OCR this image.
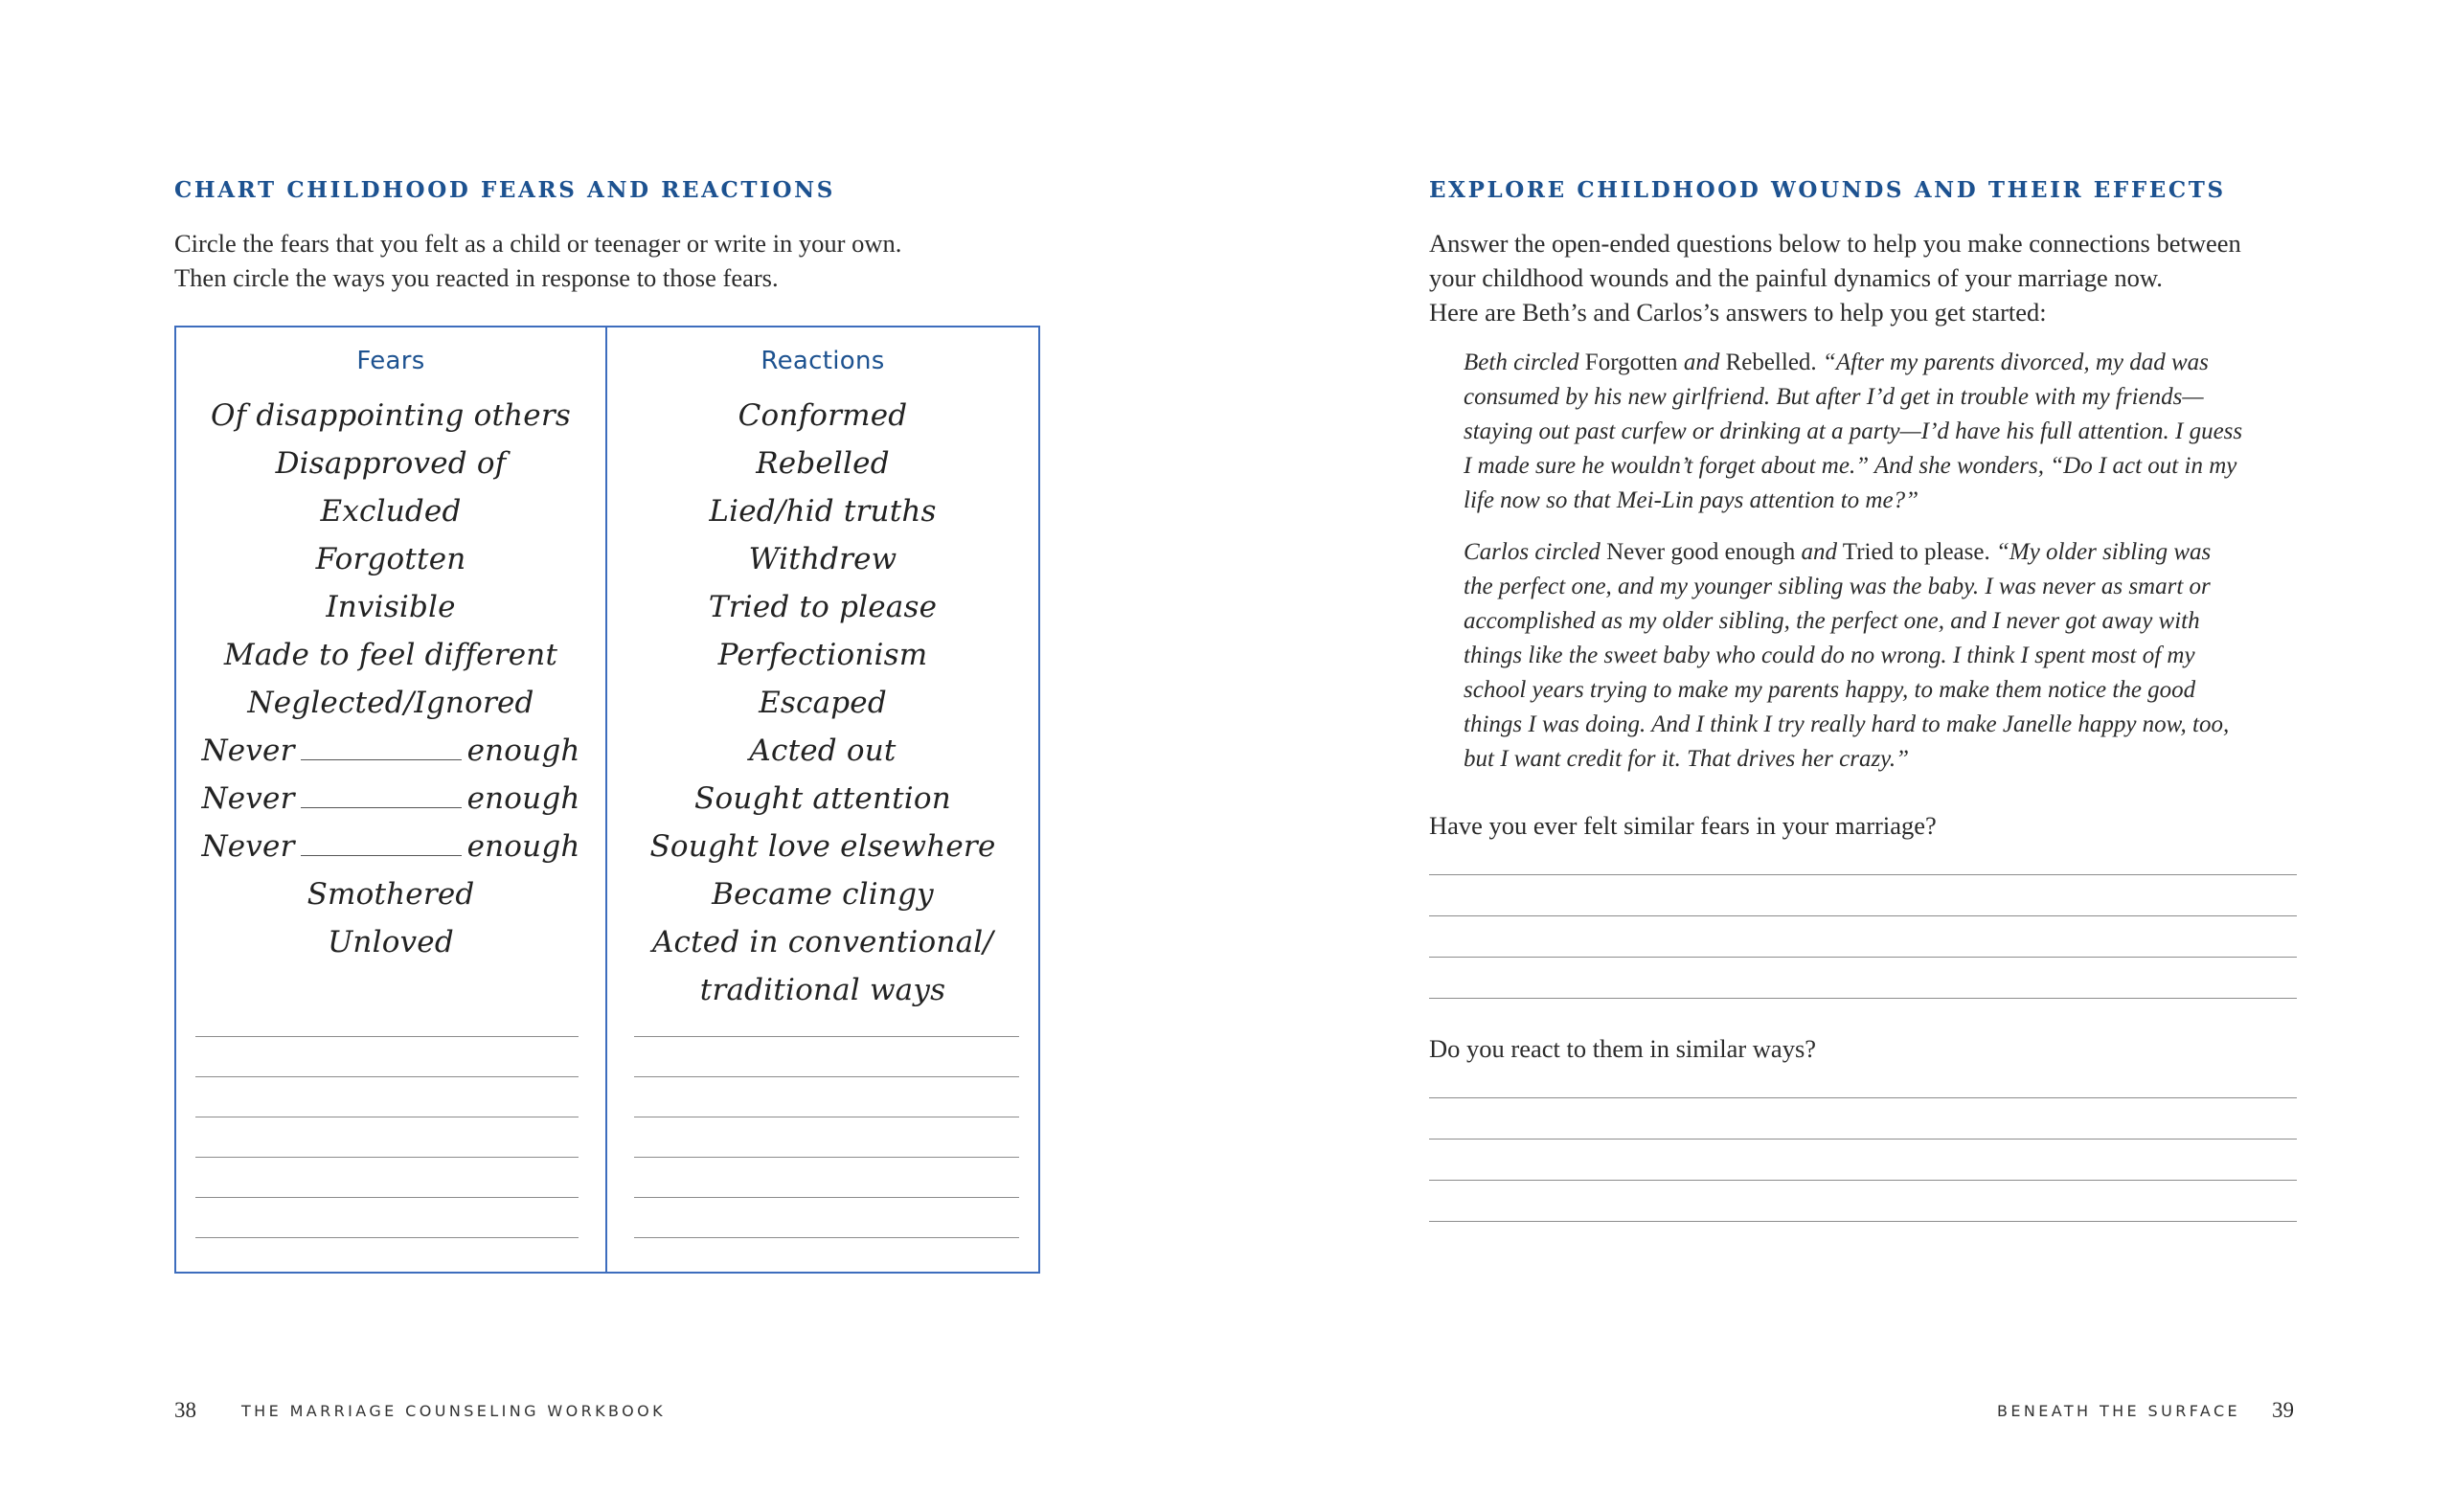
CHART CHILDHOOD FEARS AND REACTIONS

Circle the fears that you felt as a child or teenager or write in your own.

Then circle the ways you reacted in response to those fears.

Fears
Of disappointing others
Disapproved of
Excluded
Forgotten
Invisible
Made to feel different
Neglected/Ignored
Never	enough
Never	enough
Never	enough
Smothered
Unloved
Reactions
Conformed
Rebelled
Lied/hid truths
Withdrew
Tried to please
Perfectionism
Escaped
Acted out
Sought attention
Sought love elsewhere
Became clingy
Acted in conventional/
traditional ways
38	THE MARRIAGE COUNSELING WORKBOOK
EXPLORE CHILDHOOD WOUNDS AND THEIR EFFECTS

Answer the open-ended questions below to help you make connections between

your childhood wounds and the painful dynamics of your marriage now.

Here are Beth’s and Carlos’s answers to help you get started:

Beth circled Forgotten and Rebelled. “After my parents divorced, my dad was

consumed by his new girlfriend. But after I’d get in trouble with my friends—

staying out past curfew or drinking at a party—I’d have his full attention. I guess

I made sure he wouldn’t forget about me.” And she wonders, “Do I act out in my

life now so that Mei-Lin pays attention to me?”

Carlos circled Never good enough and Tried to please. “My older sibling was

the perfect one, and my younger sibling was the baby. I was never as smart or

accomplished as my older sibling, the perfect one, and I never got away with

things like the sweet baby who could do no wrong. I think I spent most of my

school years trying to make my parents happy, to make them notice the good

things I was doing. And I think I try really hard to make Janelle happy now, too,

but I want credit for it. That drives her crazy.”

Have you ever felt similar fears in your marriage?
Do you react to them in similar ways?
BENEATH THE SURFACE 39
